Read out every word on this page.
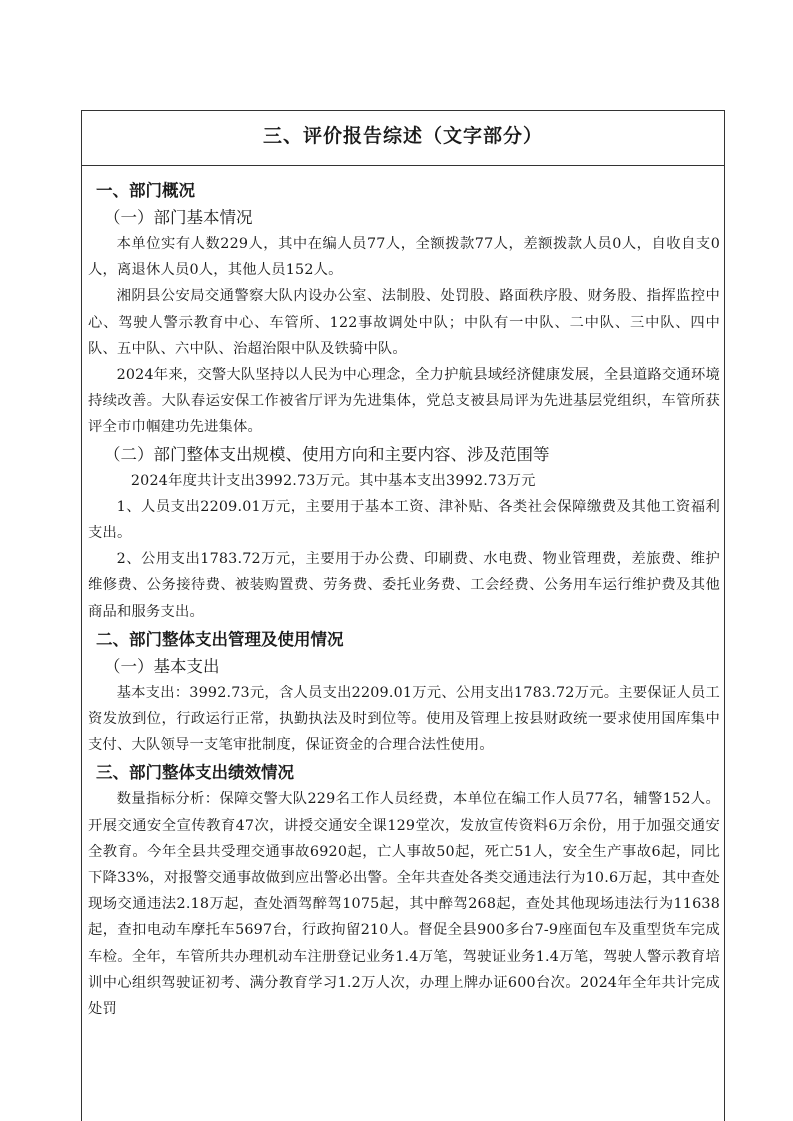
三、评价报告综述（文字部分）
一、部门概况
（一）部门基本情况

本单位实有人数229人，其中在编人员77人，全额拨款77人，差额拨款人员0人，自收自支0人，离退休人员0人，其他人员152人。

湘阴县公安局交通警察大队内设办公室、法制股、处罚股、路面秩序股、财务股、指挥监控中心、驾驶人警示教育中心、车管所、122事故调处中队；中队有一中队、二中队、三中队、四中队、五中队、六中队、治超治限中队及铁骑中队。

2024年来，交警大队坚持以人民为中心理念，全力护航县域经济健康发展，全县道路交通环境持续改善。大队春运安保工作被省厅评为先进集体，党总支被县局评为先进基层党组织，车管所获评全市巾帼建功先进集体。

（二）部门整体支出规模、使用方向和主要内容、涉及范围等

2024年度共计支出3992.73万元。其中基本支出3992.73万元

1、人员支出2209.01万元，主要用于基本工资、津补贴、各类社会保障缴费及其他工资福利支出。

2、公用支出1783.72万元，主要用于办公费、印刷费、水电费、物业管理费，差旅费、维护维修费、公务接待费、被装购置费、劳务费、委托业务费、工会经费、公务用车运行维护费及其他商品和服务支出。

二、部门整体支出管理及使用情况
（一）基本支出

基本支出：3992.73元，含人员支出2209.01万元、公用支出1783.72万元。主要保证人员工资发放到位，行政运行正常，执勤执法及时到位等。使用及管理上按县财政统一要求使用国库集中支付、大队领导一支笔审批制度，保证资金的合理合法性使用。

三、部门整体支出绩效情况

数量指标分析：保障交警大队229名工作人员经费，本单位在编工作人员77名，辅警152人。开展交通安全宣传教育47次，讲授交通安全课129堂次，发放宣传资料6万余份，用于加强交通安全教育。今年全县共受理交通事故6920起，亡人事故50起，死亡51人，安全生产事故6起，同比下降33%，对报警交通事故做到应出警必出警。全年共查处各类交通违法行为10.6万起，其中查处现场交通违法2.18万起，查处酒驾醉驾1075起，其中醉驾268起，查处其他现场违法行为11638起，查扣电动车摩托车5697台，行政拘留210人。督促全县900多台7-9座面包车及重型货车完成车检。全年，车管所共办理机动车注册登记业务1.4万笔，驾驶证业务1.4万笔，驾驶人警示教育培训中心组织驾驶证初考、满分教育学习1.2万人次，办理上牌办证600台次。2024年全年共计完成处罚
